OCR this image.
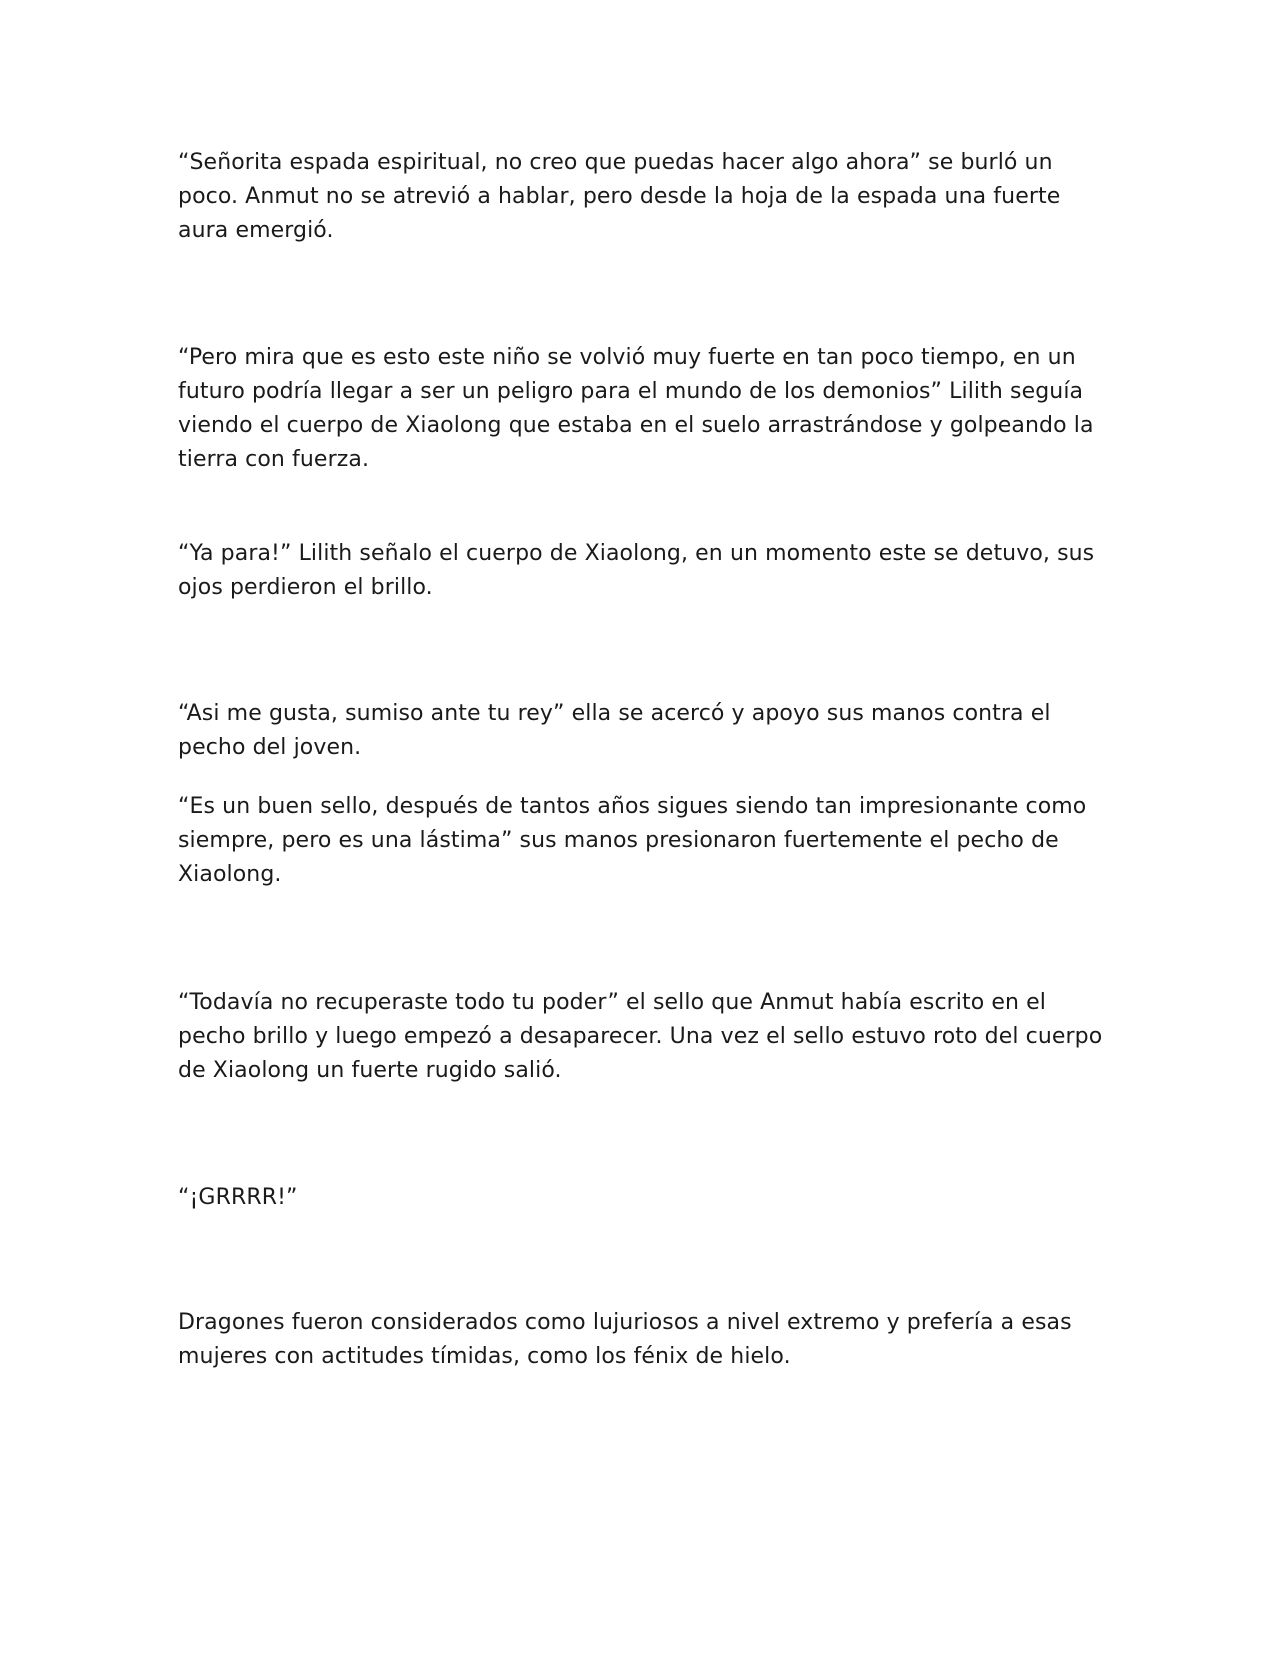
“Señorita espada espiritual, no creo que puedas hacer algo ahora” se burló un poco. Anmut no se atrevió a hablar, pero desde la hoja de la espada una fuerte aura emergió.

“Pero mira que es esto este niño se volvió muy fuerte en tan poco tiempo, en un futuro podría llegar a ser un peligro para el mundo de los demonios” Lilith seguía viendo el cuerpo de Xiaolong que estaba en el suelo arrastrándose y golpeando la tierra con fuerza.

“Ya para!” Lilith señalo el cuerpo de Xiaolong, en un momento este se detuvo, sus ojos perdieron el brillo.

“Asi me gusta, sumiso ante tu rey” ella se acercó y apoyo sus manos contra el pecho del joven.

“Es un buen sello, después de tantos años sigues siendo tan impresionante como siempre, pero es una lástima” sus manos presionaron fuertemente el pecho de Xiaolong.

“Todavía no recuperaste todo tu poder” el sello que Anmut había escrito en el pecho brillo y luego empezó a desaparecer. Una vez el sello estuvo roto del cuerpo de Xiaolong un fuerte rugido salió.

“¡GRRRR!”

Dragones fueron considerados como lujuriosos a nivel extremo y prefería a esas mujeres con actitudes tímidas, como los fénix de hielo.
